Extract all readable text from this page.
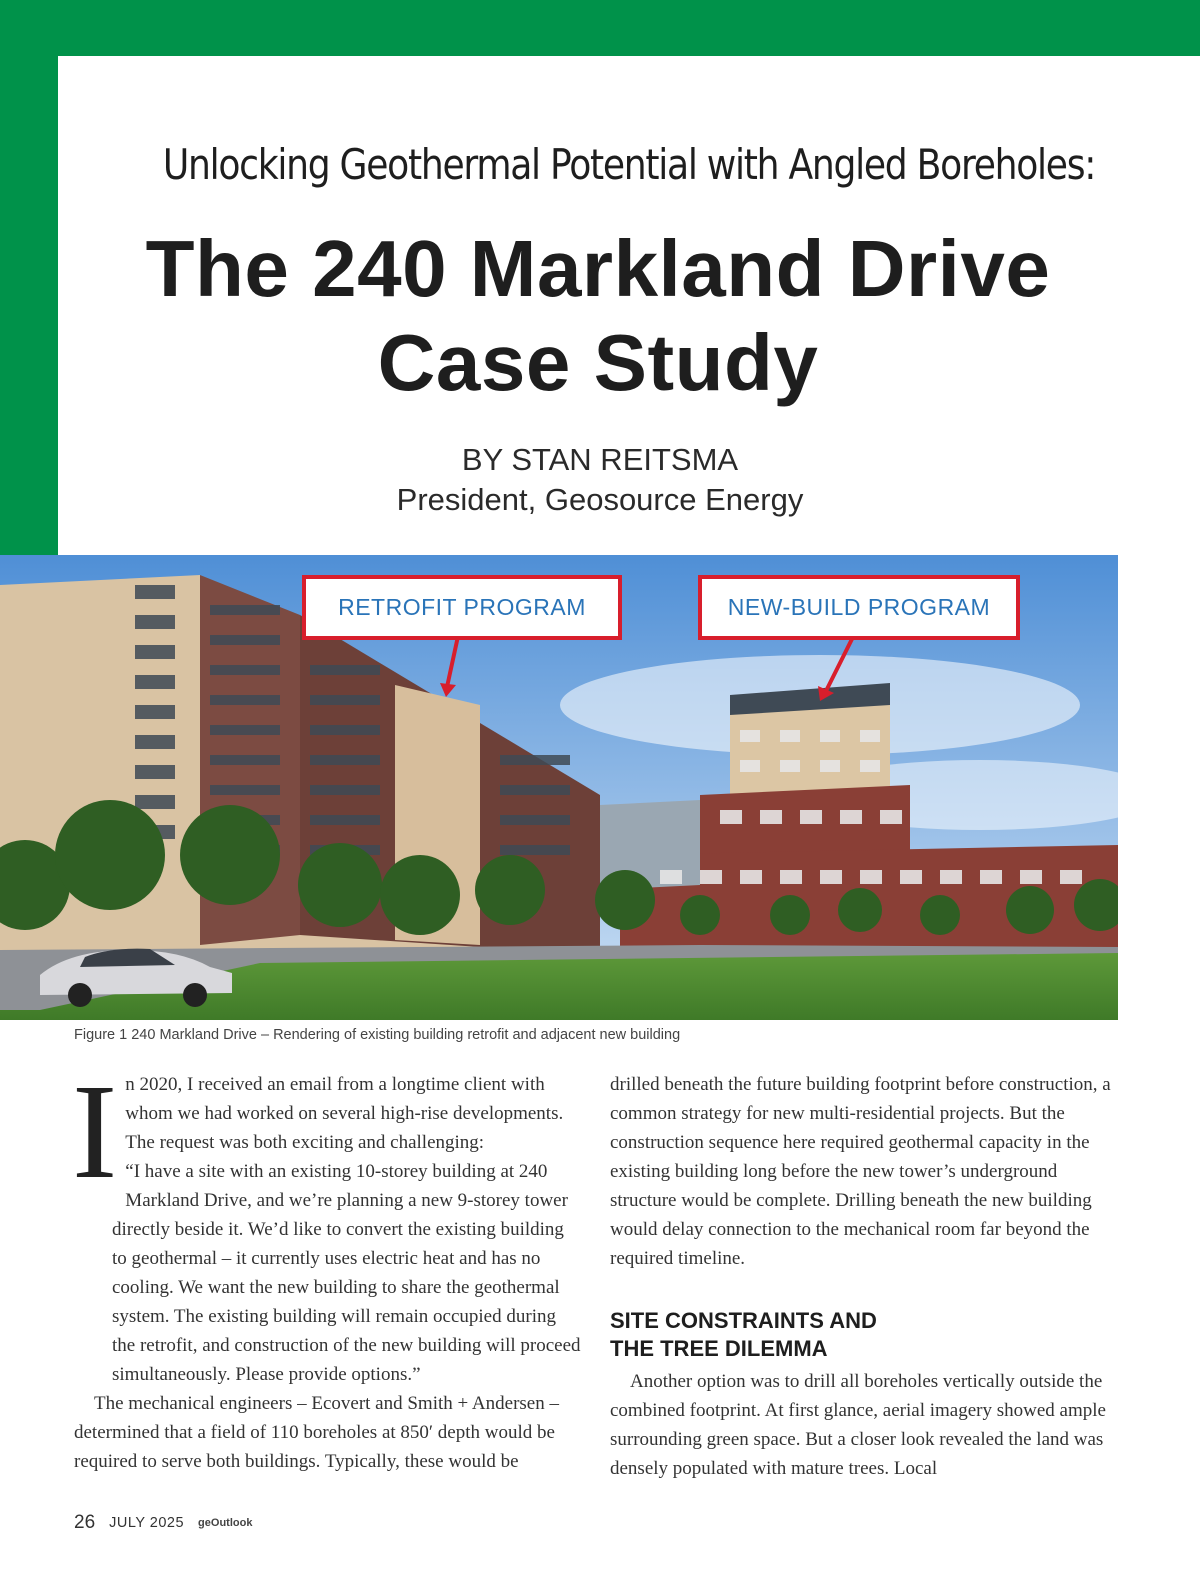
Unlocking Geothermal Potential with Angled Boreholes:
The 240 Markland Drive
Case Study
BY STAN REITSMA
President, Geosource Energy
RETROFIT PROGRAM	NEW-BUILD PROGRAM
Figure 1 240 Markland Drive – Rendering of existing building retrofit and adjacent new building
I n 2020, I received an email from a longtime client with whom we had worked on several high-rise developments. The request was both exciting and challenging:

“I have a site with an existing 10-storey building at 240 Markland Drive, and we’re planning a new 9-storey tower directly beside it. We’d like to convert the existing building to geothermal – it currently uses electric heat and has no cooling. We want the new building to share the geothermal system. The existing building will remain occupied during the retrofit, and construction of the new building will proceed simultaneously. Please provide options.”

The mechanical engineers – Ecovert and Smith + Andersen – determined that a field of 110 boreholes at 850′ depth would be required to serve both buildings. Typically, these would be

drilled beneath the future building footprint before construction, a common strategy for new multi-residential projects. But the construction sequence here required geothermal capacity in the existing building long before the new tower’s underground structure would be complete. Drilling beneath the new building would delay connection to the mechanical room far beyond the required timeline.

SITE CONSTRAINTS AND
THE TREE DILEMMA

Another option was to drill all boreholes vertically outside the combined footprint. At first glance, aerial imagery showed ample surrounding green space. But a closer look revealed the land was densely populated with mature trees. Local

26 JULY 2025 geOutlook
